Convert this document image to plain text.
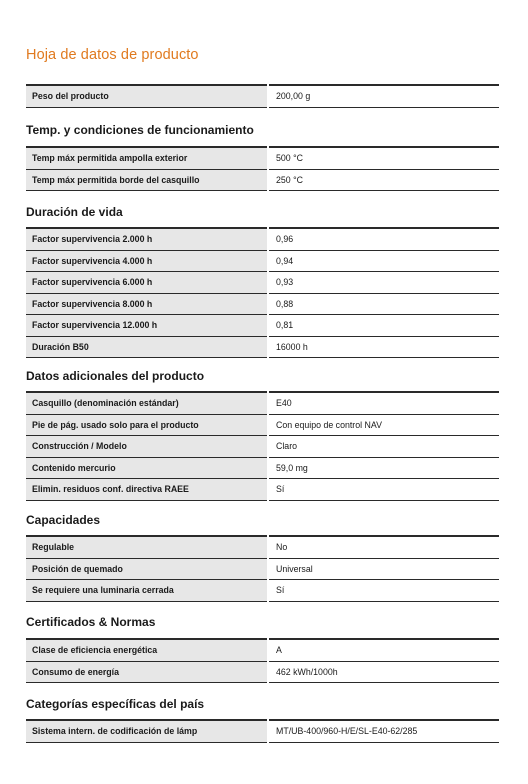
Hoja de datos de producto
Peso del producto	200,00 g
Temp. y condiciones de funcionamiento
Temp máx permitida ampolla exterior	500 °C
Temp máx permitida borde del casquillo	250 °C
Duración de vida
Factor supervivencia 2.000 h	0,96
Factor supervivencia 4.000 h	0,94
Factor supervivencia 6.000 h	0,93
Factor supervivencia 8.000 h	0,88
Factor supervivencia 12.000 h	0,81
Duración B50	16000 h
Datos adicionales del producto
Casquillo (denominación estándar)	E40
Pie de pág. usado solo para el producto	Con equipo de control NAV
Construcción / Modelo	Claro
Contenido mercurio	59,0 mg
Elimin. residuos conf. directiva RAEE	Sí
Capacidades
Regulable	No
Posición de quemado	Universal
Se requiere una luminaria cerrada	Sí
Certificados & Normas
Clase de eficiencia energética	A
Consumo de energía	462 kWh/1000h
Categorías específicas del país
Sistema intern. de codificación de lámp	MT/UB-400/960-H/E/SL-E40-62/285
